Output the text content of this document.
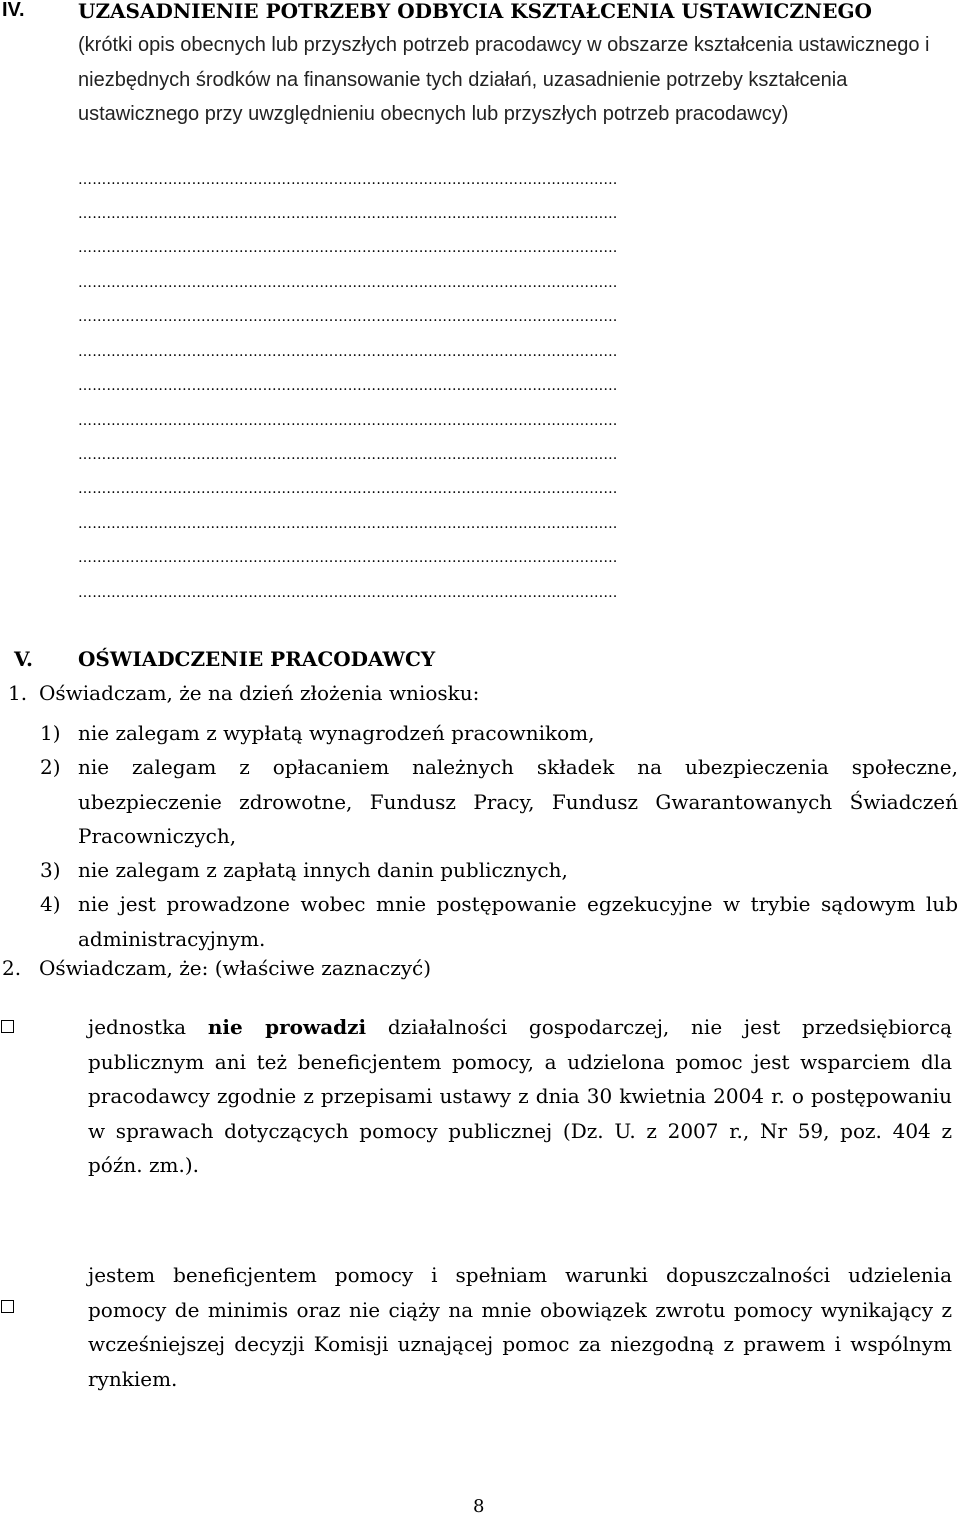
IV.	UZASADNIENIE POTRZEBY ODBYCIA KSZTAŁCENIA USTAWICZNEGO
(krótki opis obecnych lub przyszłych potrzeb pracodawcy w obszarze kształcenia ustawicznego i niezbędnych środków na finansowanie tych działań, uzasadnienie potrzeby kształcenia ustawicznego przy uwzględnieniu obecnych lub przyszłych potrzeb pracodawcy)
……………………………………………………………………………………………………
……………………………………………………………………………………………………
……………………………………………………………………………………………………
……………………………………………………………………………………………………
……………………………………………………………………………………………………
……………………………………………………………………………………………………
……………………………………………………………………………………………………
……………………………………………………………………………………………………
……………………………………………………………………………………………………
……………………………………………………………………………………………………
……………………………………………………………………………………………………
……………………………………………………………………………………………………
……………………………………………………………………………………………………
V. OŚWIADCZENIE PRACODAWCY
1. Oświadczam, że na dzień złożenia wniosku:
1) nie zalegam z wypłatą wynagrodzeń pracownikom,
2) nie zalegam z opłacaniem należnych składek na ubezpieczenia społeczne, ubezpieczenie zdrowotne, Fundusz Pracy, Fundusz Gwarantowanych Świadczeń Pracowniczych,
3) nie zalegam z zapłatą innych danin publicznych,
4) nie jest prowadzone wobec mnie postępowanie egzekucyjne w trybie sądowym lub administracyjnym.
2. Oświadczam, że: (właściwe zaznaczyć)
jednostka nie prowadzi działalności gospodarczej, nie jest przedsiębiorcą publicznym ani też beneficjentem pomocy, a udzielona pomoc jest wsparciem dla pracodawcy zgodnie z przepisami ustawy z dnia 30 kwietnia 2004 r. o postępowaniu w sprawach dotyczących pomocy publicznej (Dz. U. z 2007 r., Nr 59, poz. 404 z późn. zm.).
jestem beneficjentem pomocy i spełniam warunki dopuszczalności udzielenia pomocy de minimis oraz nie ciąży na mnie obowiązek zwrotu pomocy wynikający z wcześniejszej decyzji Komisji uznającej pomoc za niezgodną z prawem i wspólnym rynkiem.
8
